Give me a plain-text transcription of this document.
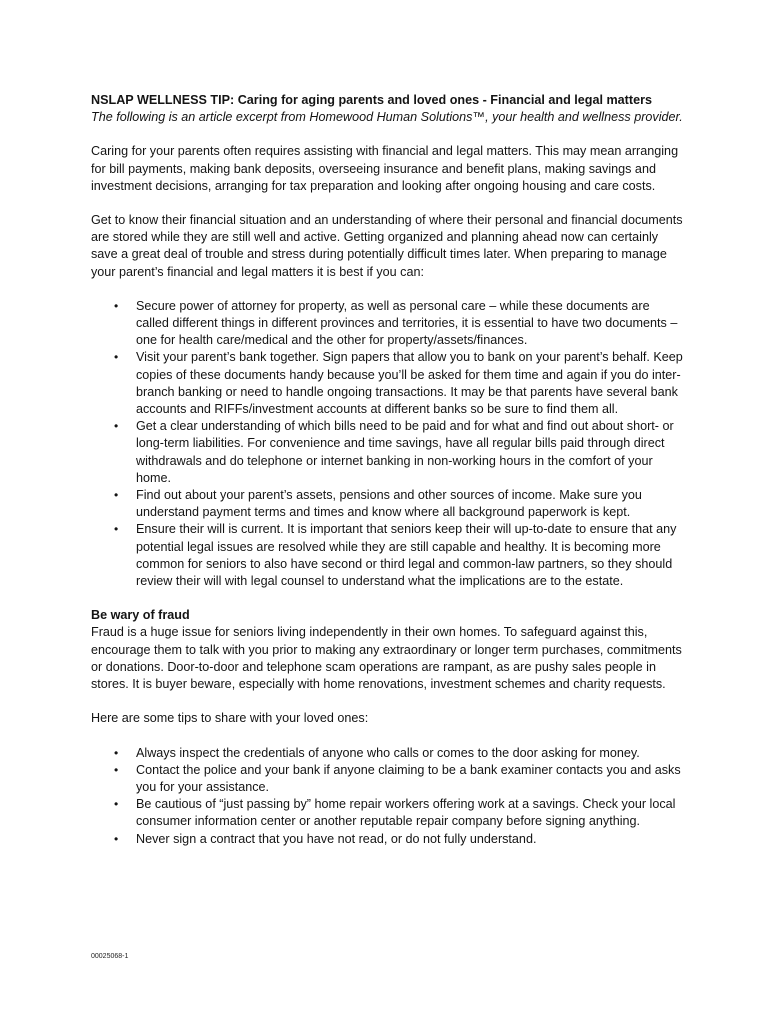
NSLAP WELLNESS TIP: Caring for aging parents and loved ones - Financial and legal matters

The following is an article excerpt from Homewood Human Solutions™, your health and wellness provider.

Caring for your parents often requires assisting with financial and legal matters. This may mean arranging for bill payments, making bank deposits, overseeing insurance and benefit plans, making savings and investment decisions, arranging for tax preparation and looking after ongoing housing and care costs.

Get to know their financial situation and an understanding of where their personal and financial documents are stored while they are still well and active. Getting organized and planning ahead now can certainly save a great deal of trouble and stress during potentially difficult times later. When preparing to manage your parent’s financial and legal matters it is best if you can:

• Secure power of attorney for property, as well as personal care – while these documents are called different things in different provinces and territories, it is essential to have two documents – one for health care/medical and the other for property/assets/finances.
• Visit your parent’s bank together. Sign papers that allow you to bank on your parent’s behalf. Keep copies of these documents handy because you’ll be asked for them time and again if you do inter-branch banking or need to handle ongoing transactions. It may be that parents have several bank accounts and RIFFs/investment accounts at different banks so be sure to find them all.
• Get a clear understanding of which bills need to be paid and for what and find out about short- or long-term liabilities. For convenience and time savings, have all regular bills paid through direct withdrawals and do telephone or internet banking in non-working hours in the comfort of your home.
• Find out about your parent’s assets, pensions and other sources of income. Make sure you understand payment terms and times and know where all background paperwork is kept.
• Ensure their will is current. It is important that seniors keep their will up-to-date to ensure that any potential legal issues are resolved while they are still capable and healthy. It is becoming more common for seniors to also have second or third legal and common-law partners, so they should review their will with legal counsel to understand what the implications are to the estate.

Be wary of fraud

Fraud is a huge issue for seniors living independently in their own homes. To safeguard against this, encourage them to talk with you prior to making any extraordinary or longer term purchases, commitments or donations. Door-to-door and telephone scam operations are rampant, as are pushy sales people in stores. It is buyer beware, especially with home renovations, investment schemes and charity requests.

Here are some tips to share with your loved ones:

• Always inspect the credentials of anyone who calls or comes to the door asking for money.
• Contact the police and your bank if anyone claiming to be a bank examiner contacts you and asks you for your assistance.
• Be cautious of “just passing by” home repair workers offering work at a savings. Check your local consumer information center or another reputable repair company before signing anything.
• Never sign a contract that you have not read, or do not fully understand.
00025068-1
